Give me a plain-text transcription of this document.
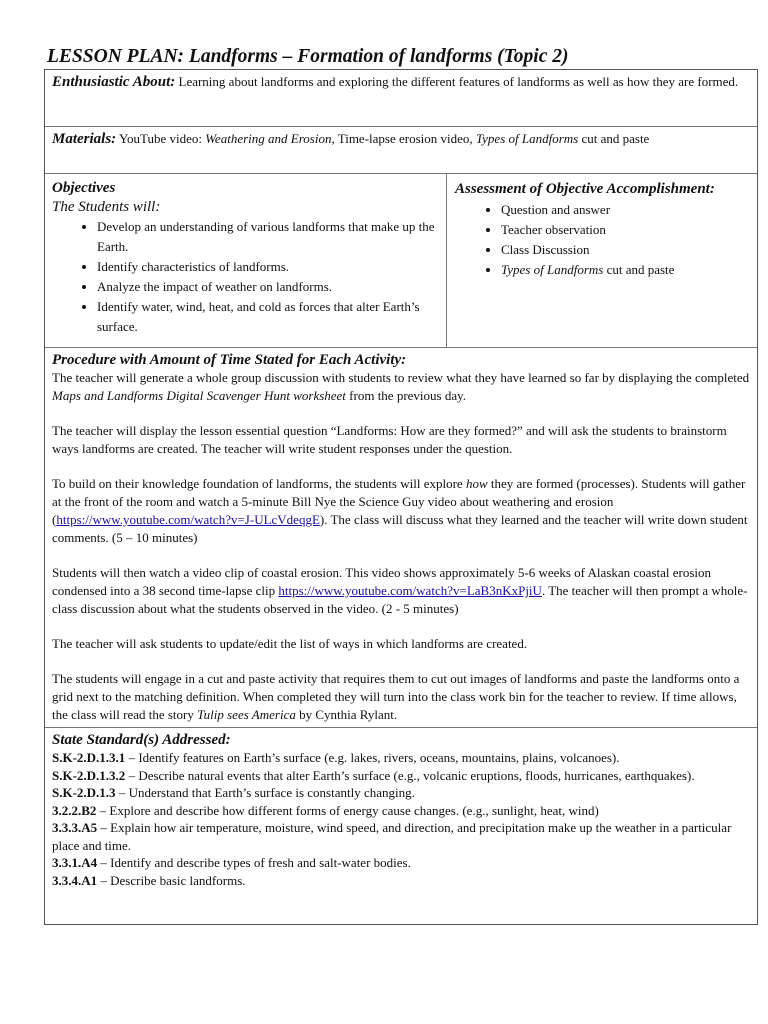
LESSON PLAN: Landforms – Formation of landforms (Topic 2)
Enthusiastic About: Learning about landforms and exploring the different features of landforms as well as how they are formed.
Materials: YouTube video: Weathering and Erosion, Time-lapse erosion video, Types of Landforms cut and paste
Objectives
The Students will:
• Develop an understanding of various landforms that make up the Earth.
• Identify characteristics of landforms.
• Analyze the impact of weather on landforms.
• Identify water, wind, heat, and cold as forces that alter Earth’s surface.
Assessment of Objective Accomplishment:
• Question and answer
• Teacher observation
• Class Discussion
• Types of Landforms cut and paste
Procedure with Amount of Time Stated for Each Activity:

The teacher will generate a whole group discussion with students to review what they have learned so far by displaying the completed Maps and Landforms Digital Scavenger Hunt worksheet from the previous day.

The teacher will display the lesson essential question “Landforms: How are they formed?” and will ask the students to brainstorm ways landforms are created. The teacher will write student responses under the question.

To build on their knowledge foundation of landforms, the students will explore how they are formed (processes). Students will gather at the front of the room and watch a 5-minute Bill Nye the Science Guy video about weathering and erosion (https://www.youtube.com/watch?v=J-ULcVdeqgE). The class will discuss what they learned and the teacher will write down student comments. (5 – 10 minutes)

Students will then watch a video clip of coastal erosion. This video shows approximately 5-6 weeks of Alaskan coastal erosion condensed into a 38 second time-lapse clip https://www.youtube.com/watch?v=LaB3nKxPjiU. The teacher will then prompt a whole-class discussion about what the students observed in the video. (2 - 5 minutes)

The teacher will ask students to update/edit the list of ways in which landforms are created.

The students will engage in a cut and paste activity that requires them to cut out images of landforms and paste the landforms onto a grid next to the matching definition. When completed they will turn into the class work bin for the teacher to review. If time allows, the class will read the story Tulip sees America by Cynthia Rylant.

State Standard(s) Addressed:
S.K-2.D.1.3.1 – Identify features on Earth’s surface (e.g. lakes, rivers, oceans, mountains, plains, volcanoes).
S.K-2.D.1.3.2 – Describe natural events that alter Earth’s surface (e.g., volcanic eruptions, floods, hurricanes, earthquakes).
S.K-2.D.1.3 – Understand that Earth’s surface is constantly changing.
3.2.2.B2 – Explore and describe how different forms of energy cause changes. (e.g., sunlight, heat, wind)
3.3.3.A5 – Explain how air temperature, moisture, wind speed, and direction, and precipitation make up the weather in a particular place and time.
3.3.1.A4 – Identify and describe types of fresh and salt-water bodies.
3.3.4.A1 – Describe basic landforms.
